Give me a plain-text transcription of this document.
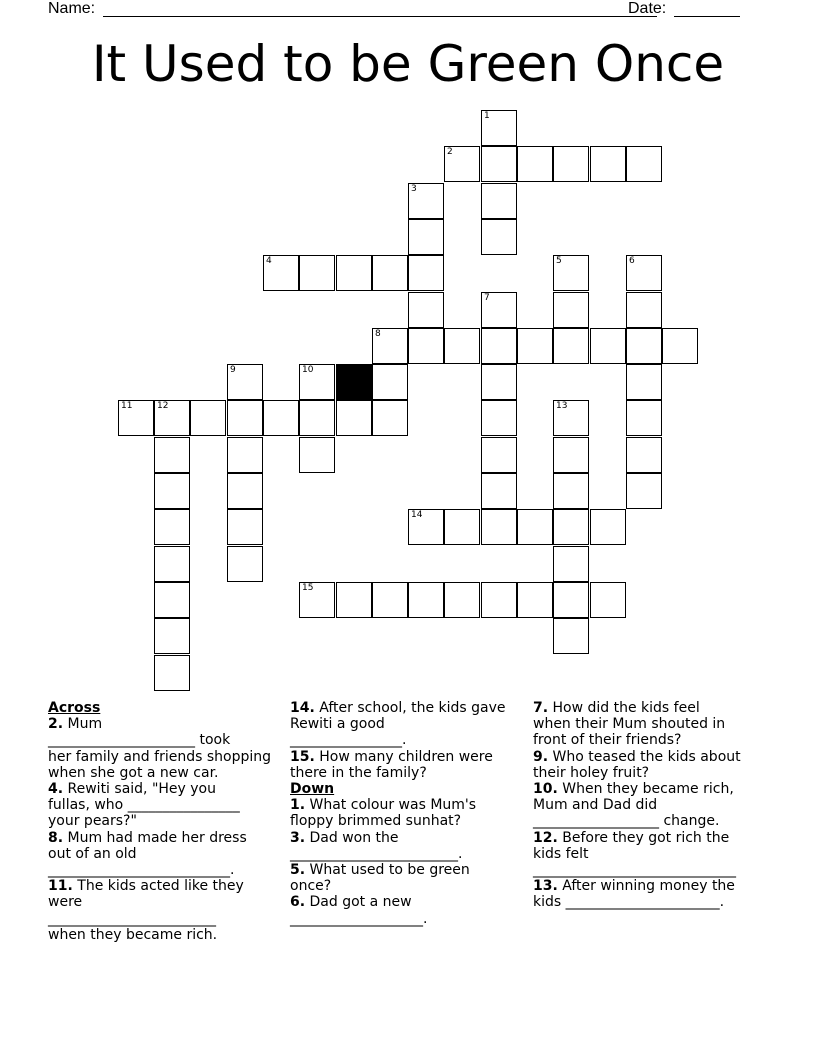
Name:	Date:
It Used to be Green Once
1
2
3
4	5	6
7
8
9	10
11	12	13
14
15
Across
2. Mum
_____________________ took
her family and friends shopping
when she got a new car.
4. Rewiti said, "Hey you
fullas, who ________________
your pears?"
8. Mum had made her dress
out of an old
__________________________.
11. The kids acted like they
were
________________________
when they became rich.
14. After school, the kids gave
Rewiti a good
________________.
15. How many children were
there in the family?
Down
1. What colour was Mum's
floppy brimmed sunhat?
3. Dad won the
________________________.
5. What used to be green
once?
6. Dad got a new
___________________.
7. How did the kids feel
when their Mum shouted in
front of their friends?
9. Who teased the kids about
their holey fruit?
10. When they became rich,
Mum and Dad did
__________________ change.
12. Before they got rich the
kids felt
_____________________________
13. After winning money the
kids ______________________.
